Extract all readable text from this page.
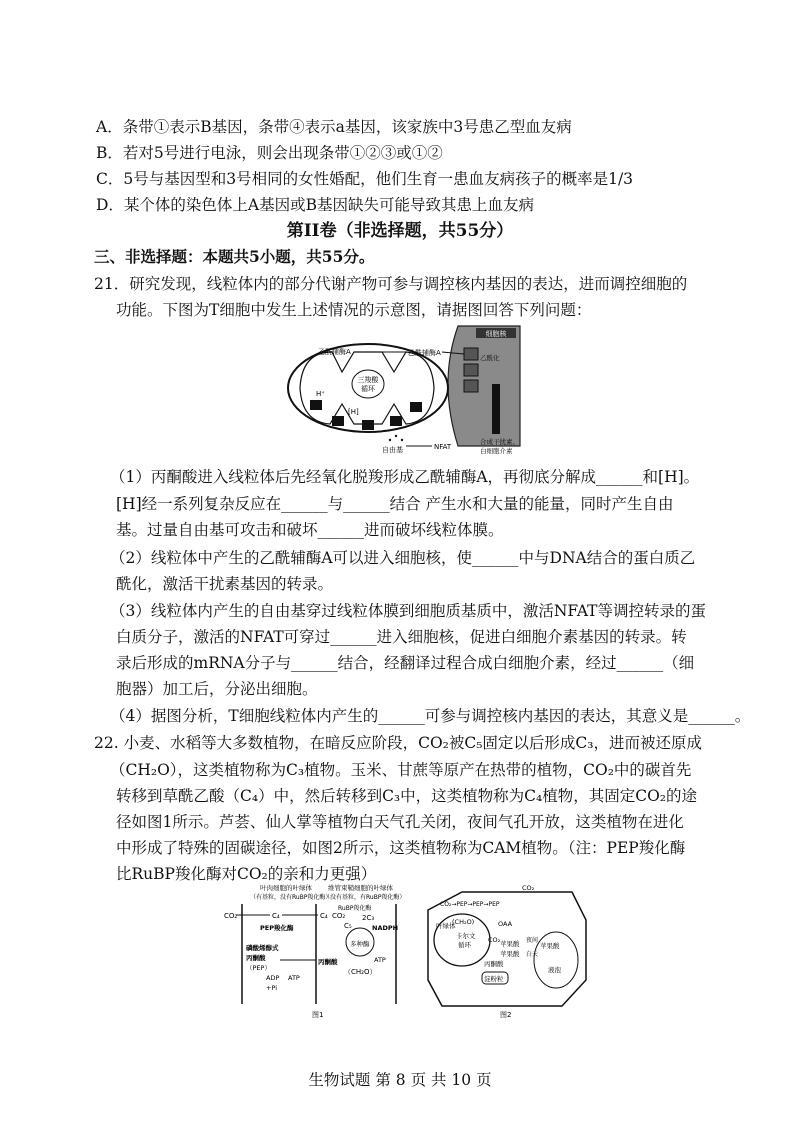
A．条带①表示B基因，条带④表示a基因，该家族中3号患乙型血友病
B．若对5号进行电泳，则会出现条带①②③或①②
C．5号与基因型和3号相同的女性婚配，他们生育一患血友病孩子的概率是1/3
D．某个体的染色体上A基因或B基因缺失可能导致其患上血友病
第II卷（非选择题，共55分）
三、非选择题：本题共5小题，共55分。
21．研究发现，线粒体内的部分代谢产物可参与调控核内基因的表达，进而调控细胞的
功能。下图为T细胞中发生上述情况的示意图，请据图回答下列问题：
细胞核
乙酰化
三羧酸
循环
乙酰辅酶A	乙酰辅酶A
H⁺
[H]
自由基	NFAT
合成干扰素、
白细胞介素
（1）丙酮酸进入线粒体后先经氧化脱羧形成乙酰辅酶A，再彻底分解成______和[H]。
[H]经一系列复杂反应在______与______结合 产生水和大量的能量，同时产生自由
基。过量自由基可攻击和破坏______进而破坏线粒体膜。
（2）线粒体中产生的乙酰辅酶A可以进入细胞核，使______中与DNA结合的蛋白质乙
酰化，激活干扰素基因的转录。
（3）线粒体内产生的自由基穿过线粒体膜到细胞质基质中，激活NFAT等调控转录的蛋
白质分子，激活的NFAT可穿过______进入细胞核，促进白细胞介素基因的转录。转
录后形成的mRNA分子与______结合，经翻译过程合成白细胞介素，经过______（细
胞器）加工后，分泌出细胞。
（4）据图分析，T细胞线粒体内产生的______可参与调控核内基因的表达，其意义是______。
22. 小麦、水稻等大多数植物，在暗反应阶段，CO₂被C₅固定以后形成C₃，进而被还原成
（CH₂O），这类植物称为C₃植物。玉米、甘蔗等原产在热带的植物，CO₂中的碳首先
转移到草酰乙酸（C₄）中，然后转移到C₃中，这类植物称为C₄植物，其固定CO₂的途
径如图1所示。芦荟、仙人掌等植物白天气孔关闭，夜间气孔开放，这类植物在进化
中形成了特殊的固碳途径，如图2所示，这类植物称为CAM植物。（注：PEP羧化酶
比RuBP羧化酶对CO₂的亲和力更强）
叶肉细胞的叶绿体
（有基粒，没有RuBP羧化酶）
维管束鞘细胞的叶绿体
（没有基粒，有RuBP羧化酶）
CO₂	C₄	C₄ CO₂
PEP羧化酶
RuBP羧化酶
C₅
2C₃
多种酶
NADPH
ATP
（CH₂O）
磷酸烯醇式
丙酮酸
（PEP）
ADP
+Pi
ATP
丙酮酸
图1
CO₂
CO₂→PEP→PEP→PEP
叶绿体
(CH₂O)
卡尔文
循环
CO₂
OAA
苹果酸
苹果酸
夜间
白天
丙酮酸
淀粉粒
苹果酸
液泡
图2
生物试题 第 8 页 共 10 页
